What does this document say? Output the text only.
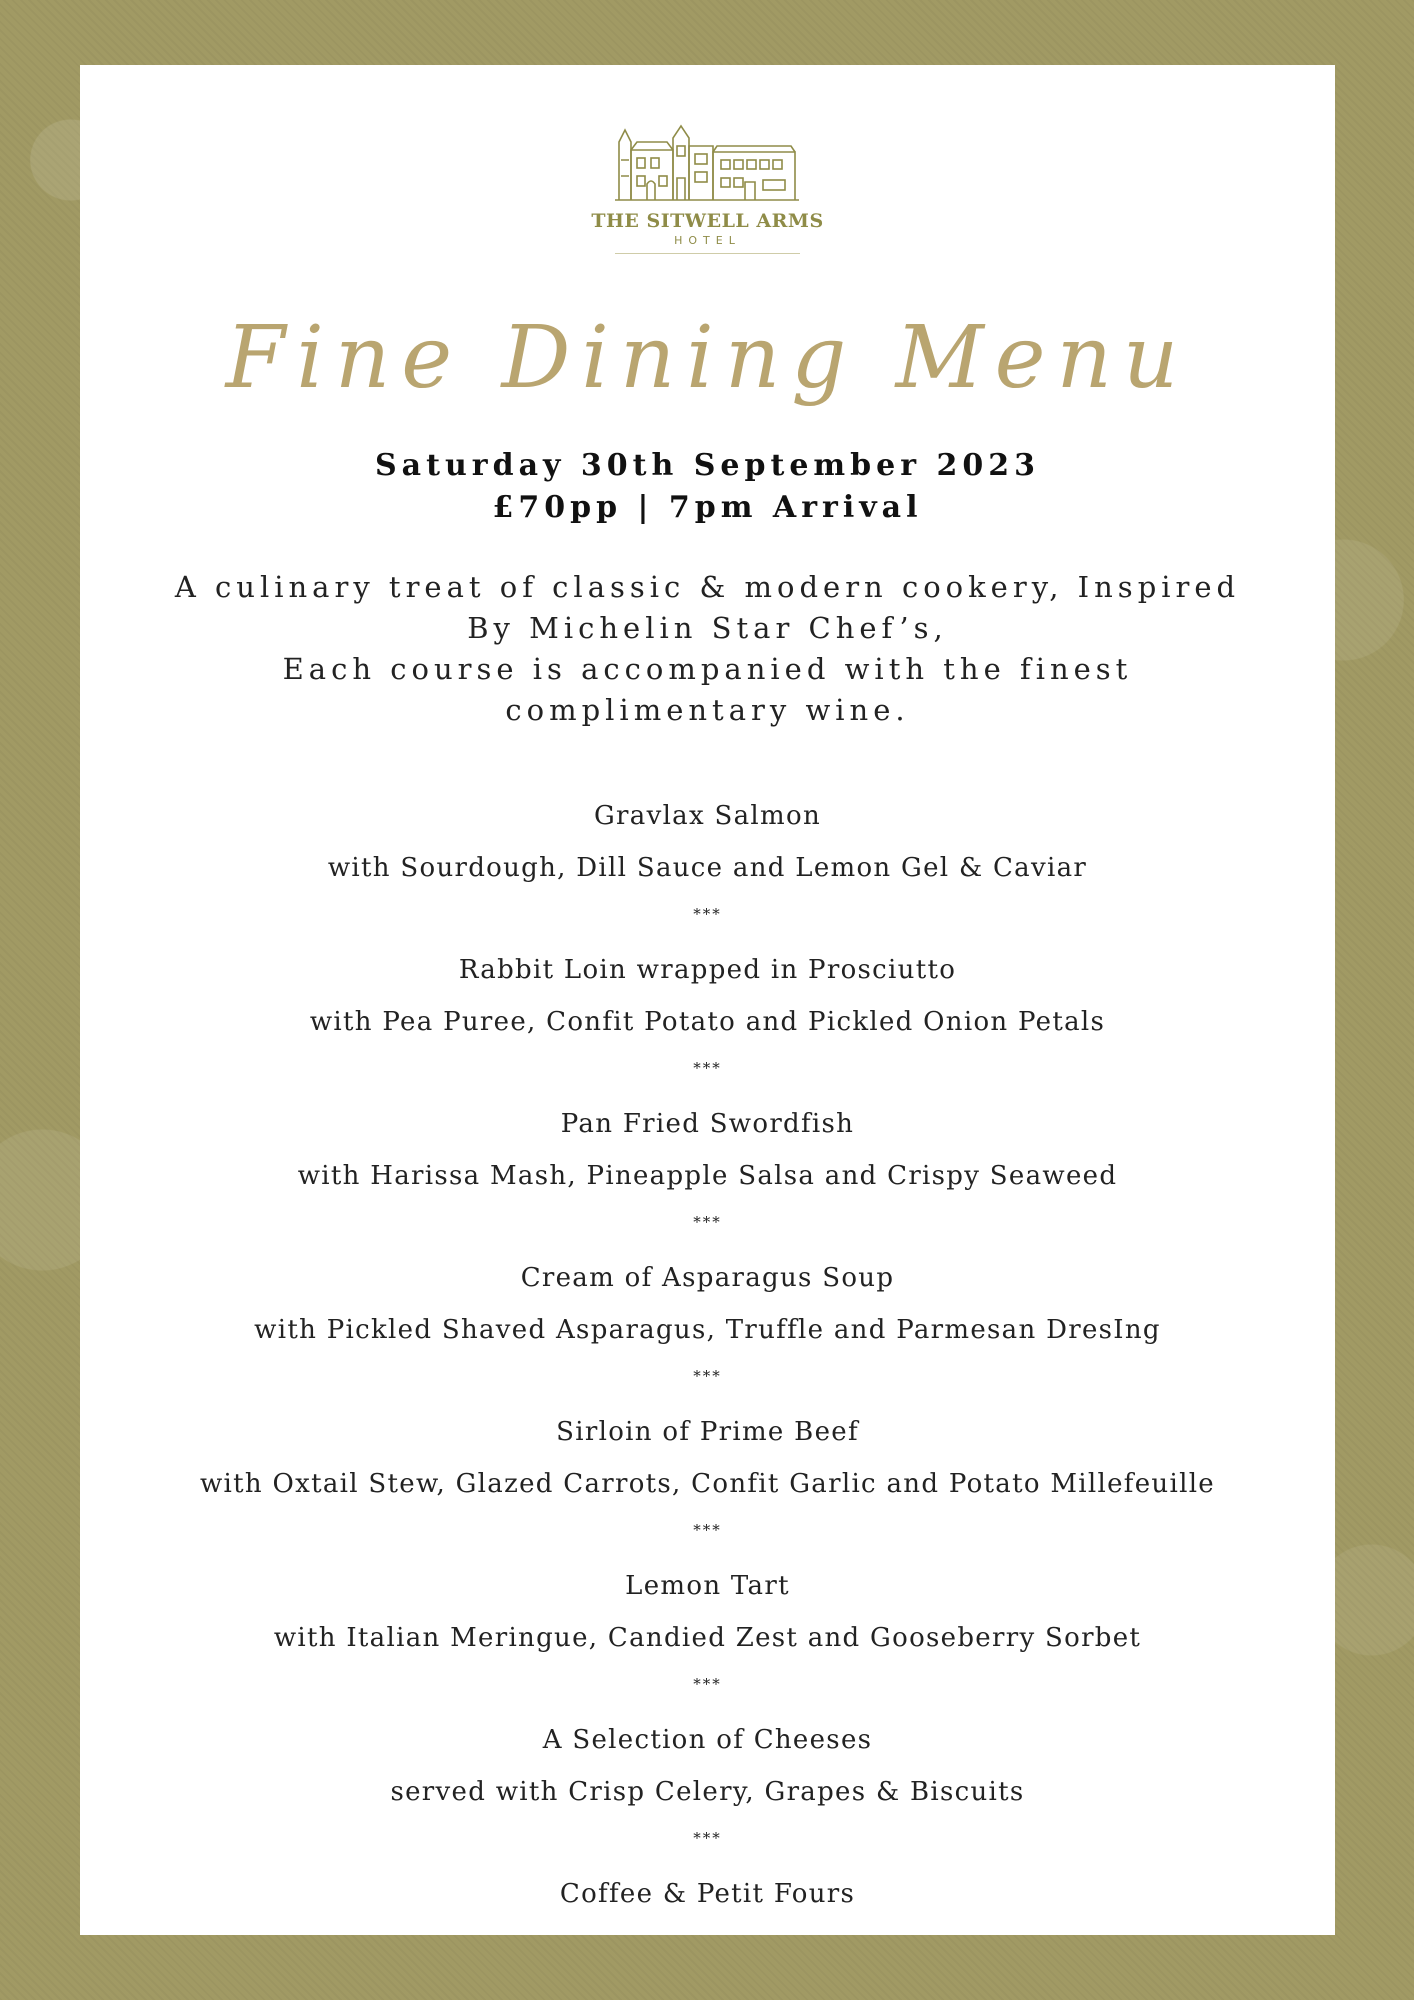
THE SITWELL ARMS
HOTEL
Fine Dining Menu
Saturday 30th September 2023
£70pp | 7pm Arrival
A culinary treat of classic & modern cookery, Inspired
By Michelin Star Chef’s,
Each course is accompanied with the finest
complimentary wine.
Gravlax Salmon
with Sourdough, Dill Sauce and Lemon Gel & Caviar
***
Rabbit Loin wrapped in Prosciutto
with Pea Puree, Confit Potato and Pickled Onion Petals
***
Pan Fried Swordfish
with Harissa Mash, Pineapple Salsa and Crispy Seaweed
***
Cream of Asparagus Soup
with Pickled Shaved Asparagus, Truffle and Parmesan DresIng
***
Sirloin of Prime Beef
with Oxtail Stew, Glazed Carrots, Confit Garlic and Potato Millefeuille
***
Lemon Tart
with Italian Meringue, Candied Zest and Gooseberry Sorbet
***
A Selection of Cheeses
served with Crisp Celery, Grapes & Biscuits
***
Coffee & Petit Fours
